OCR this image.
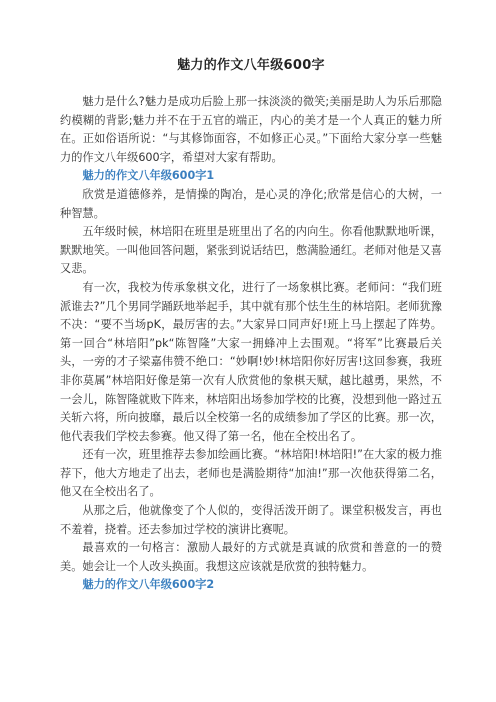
魅力的作文八年级600字
魅力是什么?魅力是成功后脸上那一抹淡淡的微笑;美丽是助人为乐后那隐约模糊的背影;魅力并不在于五官的端正，内心的美才是一个人真正的魅力所在。正如俗语所说：“与其修饰面容，不如修正心灵。”下面给大家分享一些魅力的作文八年级600字，希望对大家有帮助。
魅力的作文八年级600字1
欣赏是道德修养，是情操的陶冶，是心灵的净化;欣常是信心的大树，一种智慧。
五年级时候，林培阳在班里是班里出了名的内向生。你看他默默地听课，默默地笑。一叫他回答问题，紧张到说话结巴，憋满脸通红。老师对他是又喜又悲。
有一次，我校为传承象棋文化，进行了一场象棋比赛。老师问：“我们班派谁去?”几个男同学踊跃地举起手，其中就有那个怯生生的林培阳。老师犹豫不决：“要不当场pK，最厉害的去。”大家异口同声好!班上马上摆起了阵势。第一回合“林培阳”pk“陈智隆”大家一拥蜂冲上去围观。“将军”比赛最后关头，一旁的才子梁嘉伟赞不绝口：“妙啊!妙!林培阳你好厉害!这回参赛，我班非你莫属”林培阳好像是第一次有人欣赏他的象棋天赋，越比越勇，果然，不一会儿，陈智隆就败下阵来，林培阳出场参加学校的比赛，没想到他一路过五关斩六将，所向披靡，最后以全校第一名的成绩参加了学区的比赛。那一次，他代表我们学校去参赛。他又得了第一名，他在全校出名了。
还有一次，班里推荐去参加绘画比赛。“林培阳!林培阳!”在大家的极力推荐下，他大方地走了出去，老师也是满脸期待“加油!”那一次他获得第二名，他又在全校出名了。
从那之后，他就像变了个人似的，变得活泼开朗了。课堂积极发言，再也不羞着，挠着。还去参加过学校的演讲比赛呢。
最喜欢的一句格言：激励人最好的方式就是真诚的欣赏和善意的一的赞美。她会让一个人改头换面。我想这应该就是欣赏的独特魅力。
魅力的作文八年级600字2
